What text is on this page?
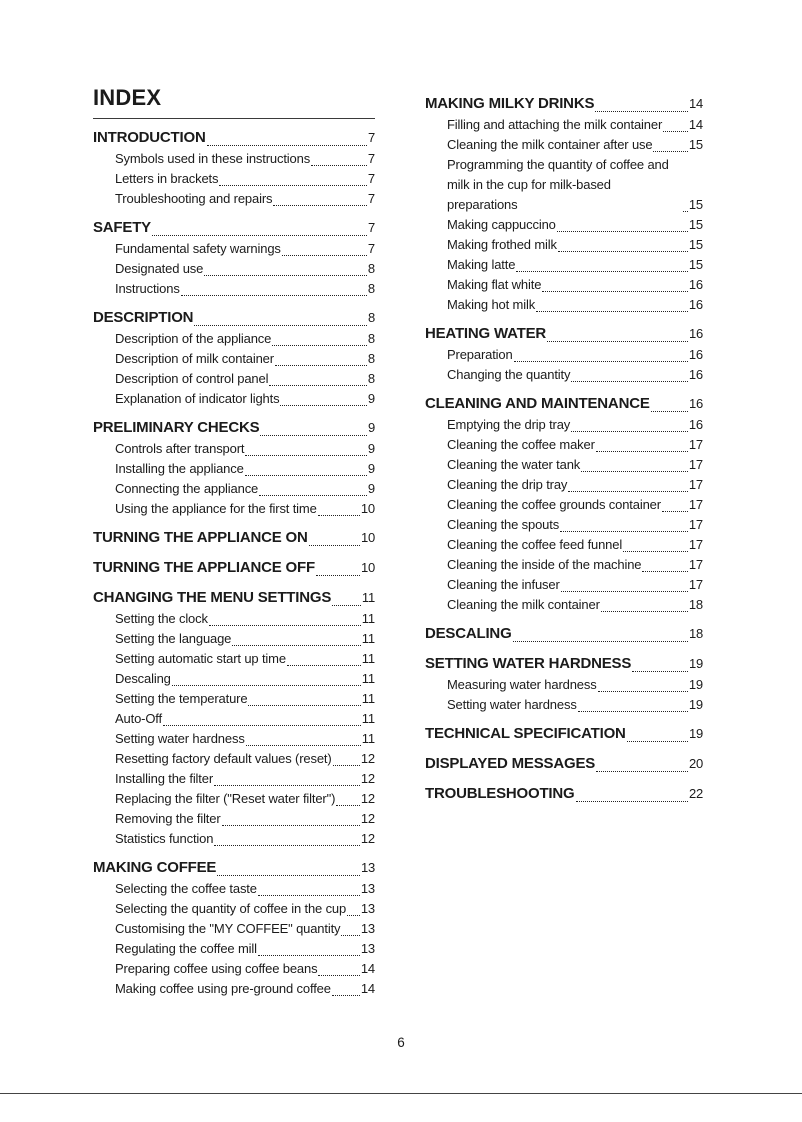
INDEX
INTRODUCTION	7
Symbols used in these instructions	7
Letters in brackets	7
Troubleshooting and repairs	7
SAFETY	7
Fundamental safety warnings	7
Designated use	8
Instructions	8
DESCRIPTION	8
Description of the appliance	8
Description of milk container	8
Description of control panel	8
Explanation of indicator lights	9
PRELIMINARY CHECKS	9
Controls after transport	9
Installing the appliance	9
Connecting the appliance	9
Using the appliance for the first time	10
TURNING THE APPLIANCE ON	10
TURNING THE APPLIANCE OFF	10
CHANGING THE MENU SETTINGS 11
Setting the clock	11
Setting the language	11
Setting automatic start up time	11
Descaling	11
Setting the temperature	11
Auto-Off	11
Setting water hardness	11
Resetting factory default values (reset) 12
Installing the filter	12
Replacing the filter ("Reset water filter") 12
Removing the filter	12
Statistics function	12
MAKING COFFEE	13
Selecting the coffee taste	13
Selecting the quantity of coffee in the cup 13
Customising the "MY COFFEE" quantity 13
Regulating the coffee mill	13
Preparing coffee using coffee beans	14
Making coffee using pre-ground coffee 14
MAKING MILKY DRINKS	14
Filling and attaching the milk container 14
Cleaning the milk container after use	15
Programming the quantity of coffee and milk in the cup for milk-based preparations	15
Making cappuccino	15
Making frothed milk	15
Making latte	15
Making flat white	16
Making hot milk	16
HEATING WATER	16
Preparation	16
Changing the quantity	16
CLEANING AND MAINTENANCE	16
Emptying the drip tray	16
Cleaning the coffee maker	17
Cleaning the water tank	17
Cleaning the drip tray	17
Cleaning the coffee grounds container 17
Cleaning the spouts	17
Cleaning the coffee feed funnel	17
Cleaning the inside of the machine	17
Cleaning the infuser	17
Cleaning the milk container	18
DESCALING	18
SETTING WATER HARDNESS	19
Measuring water hardness	19
Setting water hardness	19
TECHNICAL SPECIFICATION	19
DISPLAYED MESSAGES	20
TROUBLESHOOTING	22
6
